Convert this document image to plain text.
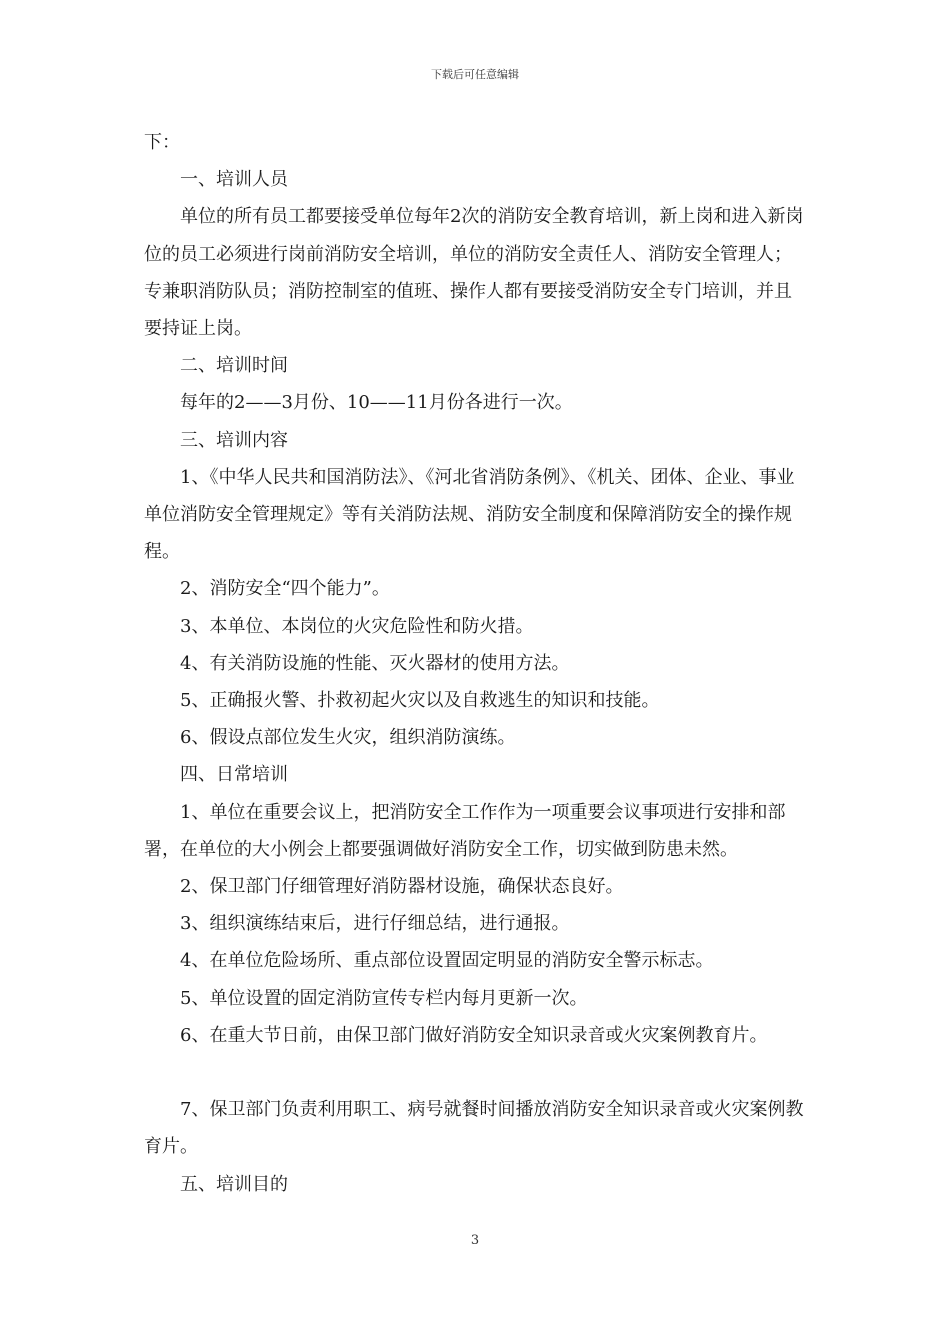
下载后可任意编辑

下：

一、培训人员

单位的所有员工都要接受单位每年2次的消防安全教育培训，新上岗和进入新岗位的员工必须进行岗前消防安全培训，单位的消防安全责任人、消防安全管理人；专兼职消防队员；消防控制室的值班、操作人都有要接受消防安全专门培训，并且要持证上岗。

二、培训时间

每年的2——3月份、10——11月份各进行一次。

三、培训内容

1、《中华人民共和国消防法》、《河北省消防条例》、《机关、团体、企业、事业单位消防安全管理规定》等有关消防法规、消防安全制度和保障消防安全的操作规程。

2、消防安全“四个能力”。

3、本单位、本岗位的火灾危险性和防火措。

4、有关消防设施的性能、灭火器材的使用方法。

5、正确报火警、扑救初起火灾以及自救逃生的知识和技能。

6、假设点部位发生火灾，组织消防演练。

四、日常培训

1、单位在重要会议上，把消防安全工作作为一项重要会议事项进行安排和部署，在单位的大小例会上都要强调做好消防安全工作，切实做到防患未然。

2、保卫部门仔细管理好消防器材设施，确保状态良好。

3、组织演练结束后，进行仔细总结，进行通报。

4、在单位危险场所、重点部位设置固定明显的消防安全警示标志。

5、单位设置的固定消防宣传专栏内每月更新一次。

6、在重大节日前，由保卫部门做好消防安全知识录音或火灾案例教育片。

7、保卫部门负责利用职工、病号就餐时间播放消防安全知识录音或火灾案例教育片。

五、培训目的

3
